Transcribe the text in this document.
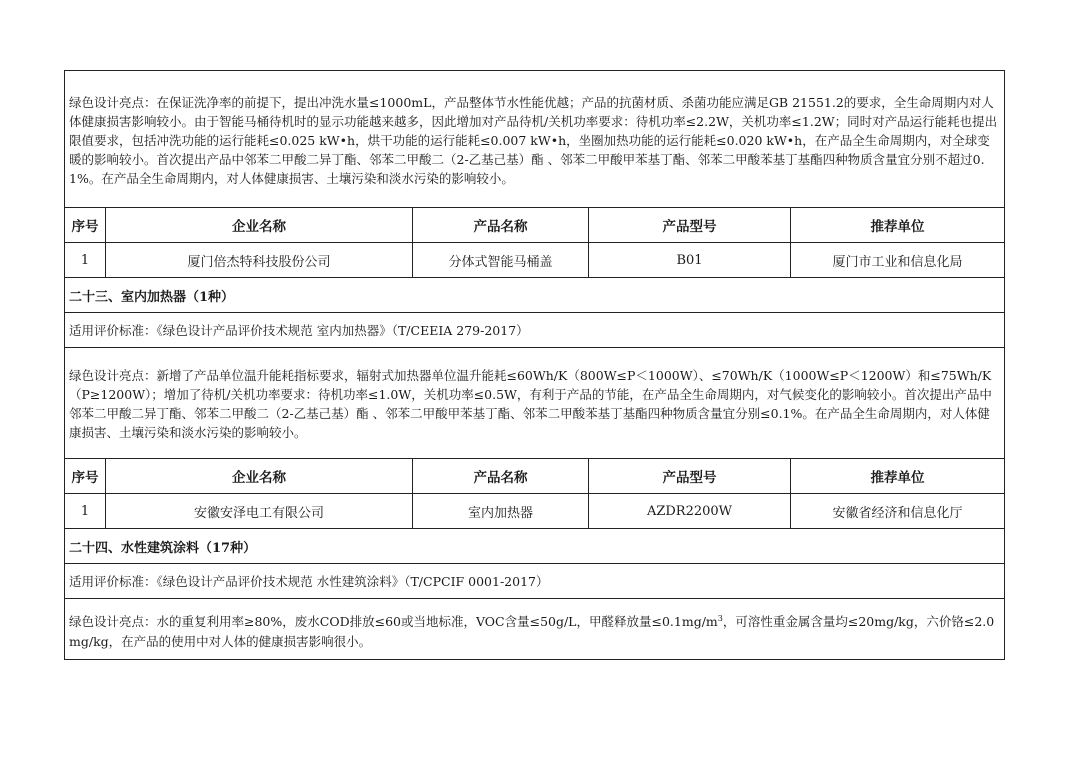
绿色设计亮点：在保证洗净率的前提下，提出冲洗水量≤1000mL，产品整体节水性能优越；产品的抗菌材质、杀菌功能应满足GB 21551.2的要求，全生命周期内对人体健康损害影响较小。由于智能马桶待机时的显示功能越来越多，因此增加对产品待机/关机功率要求：待机功率≤2.2W，关机功率≤1.2W；同时对产品运行能耗也提出限值要求，包括冲洗功能的运行能耗≤0.025 kW•h，烘干功能的运行能耗≤0.007 kW•h，坐圈加热功能的运行能耗≤0.020 kW•h，在产品全生命周期内，对全球变暖的影响较小。首次提出产品中邻苯二甲酸二异丁酯、邻苯二甲酸二（2-乙基己基）酯 、邻苯二甲酸甲苯基丁酯、邻苯二甲酸苯基丁基酯四种物质含量宜分别不超过0.1%。在产品全生命周期内，对人体健康损害、土壤污染和淡水污染的影响较小。				
序号	企业名称	产品名称	产品型号	推荐单位
1	厦门倍杰特科技股份公司	分体式智能马桶盖	B01	厦门市工业和信息化局
二十三、室内加热器（1种）				
适用评价标准：《绿色设计产品评价技术规范 室内加热器》（T/CEEIA 279-2017）				
绿色设计亮点：新增了产品单位温升能耗指标要求，辐射式加热器单位温升能耗≤60Wh/K（800W≤P＜1000W）、≤70Wh/K（1000W≤P＜1200W）和≤75Wh/K（P≥1200W）；增加了待机/关机功率要求：待机功率≤1.0W，关机功率≤0.5W，有利于产品的节能，在产品全生命周期内，对气候变化的影响较小。首次提出产品中邻苯二甲酸二异丁酯、邻苯二甲酸二（2-乙基己基）酯 、邻苯二甲酸甲苯基丁酯、邻苯二甲酸苯基丁基酯四种物质含量宜分别≤0.1%。在产品全生命周期内，对人体健康损害、土壤污染和淡水污染的影响较小。				
序号	企业名称	产品名称	产品型号	推荐单位
1	安徽安泽电工有限公司	室内加热器	AZDR2200W	安徽省经济和信息化厅
二十四、水性建筑涂料（17种）				
适用评价标准：《绿色设计产品评价技术规范 水性建筑涂料》（T/CPCIF 0001-2017）				
绿色设计亮点：水的重复利用率≥80%，废水COD排放≤60或当地标准，VOC含量≤50g/L，甲醛释放量$\le 0.1mg/m^3$，可溶性重金属含量均≤20mg/kg，六价铬≤2.0mg/kg，在产品的使用中对人体的健康损害影响很小。				
